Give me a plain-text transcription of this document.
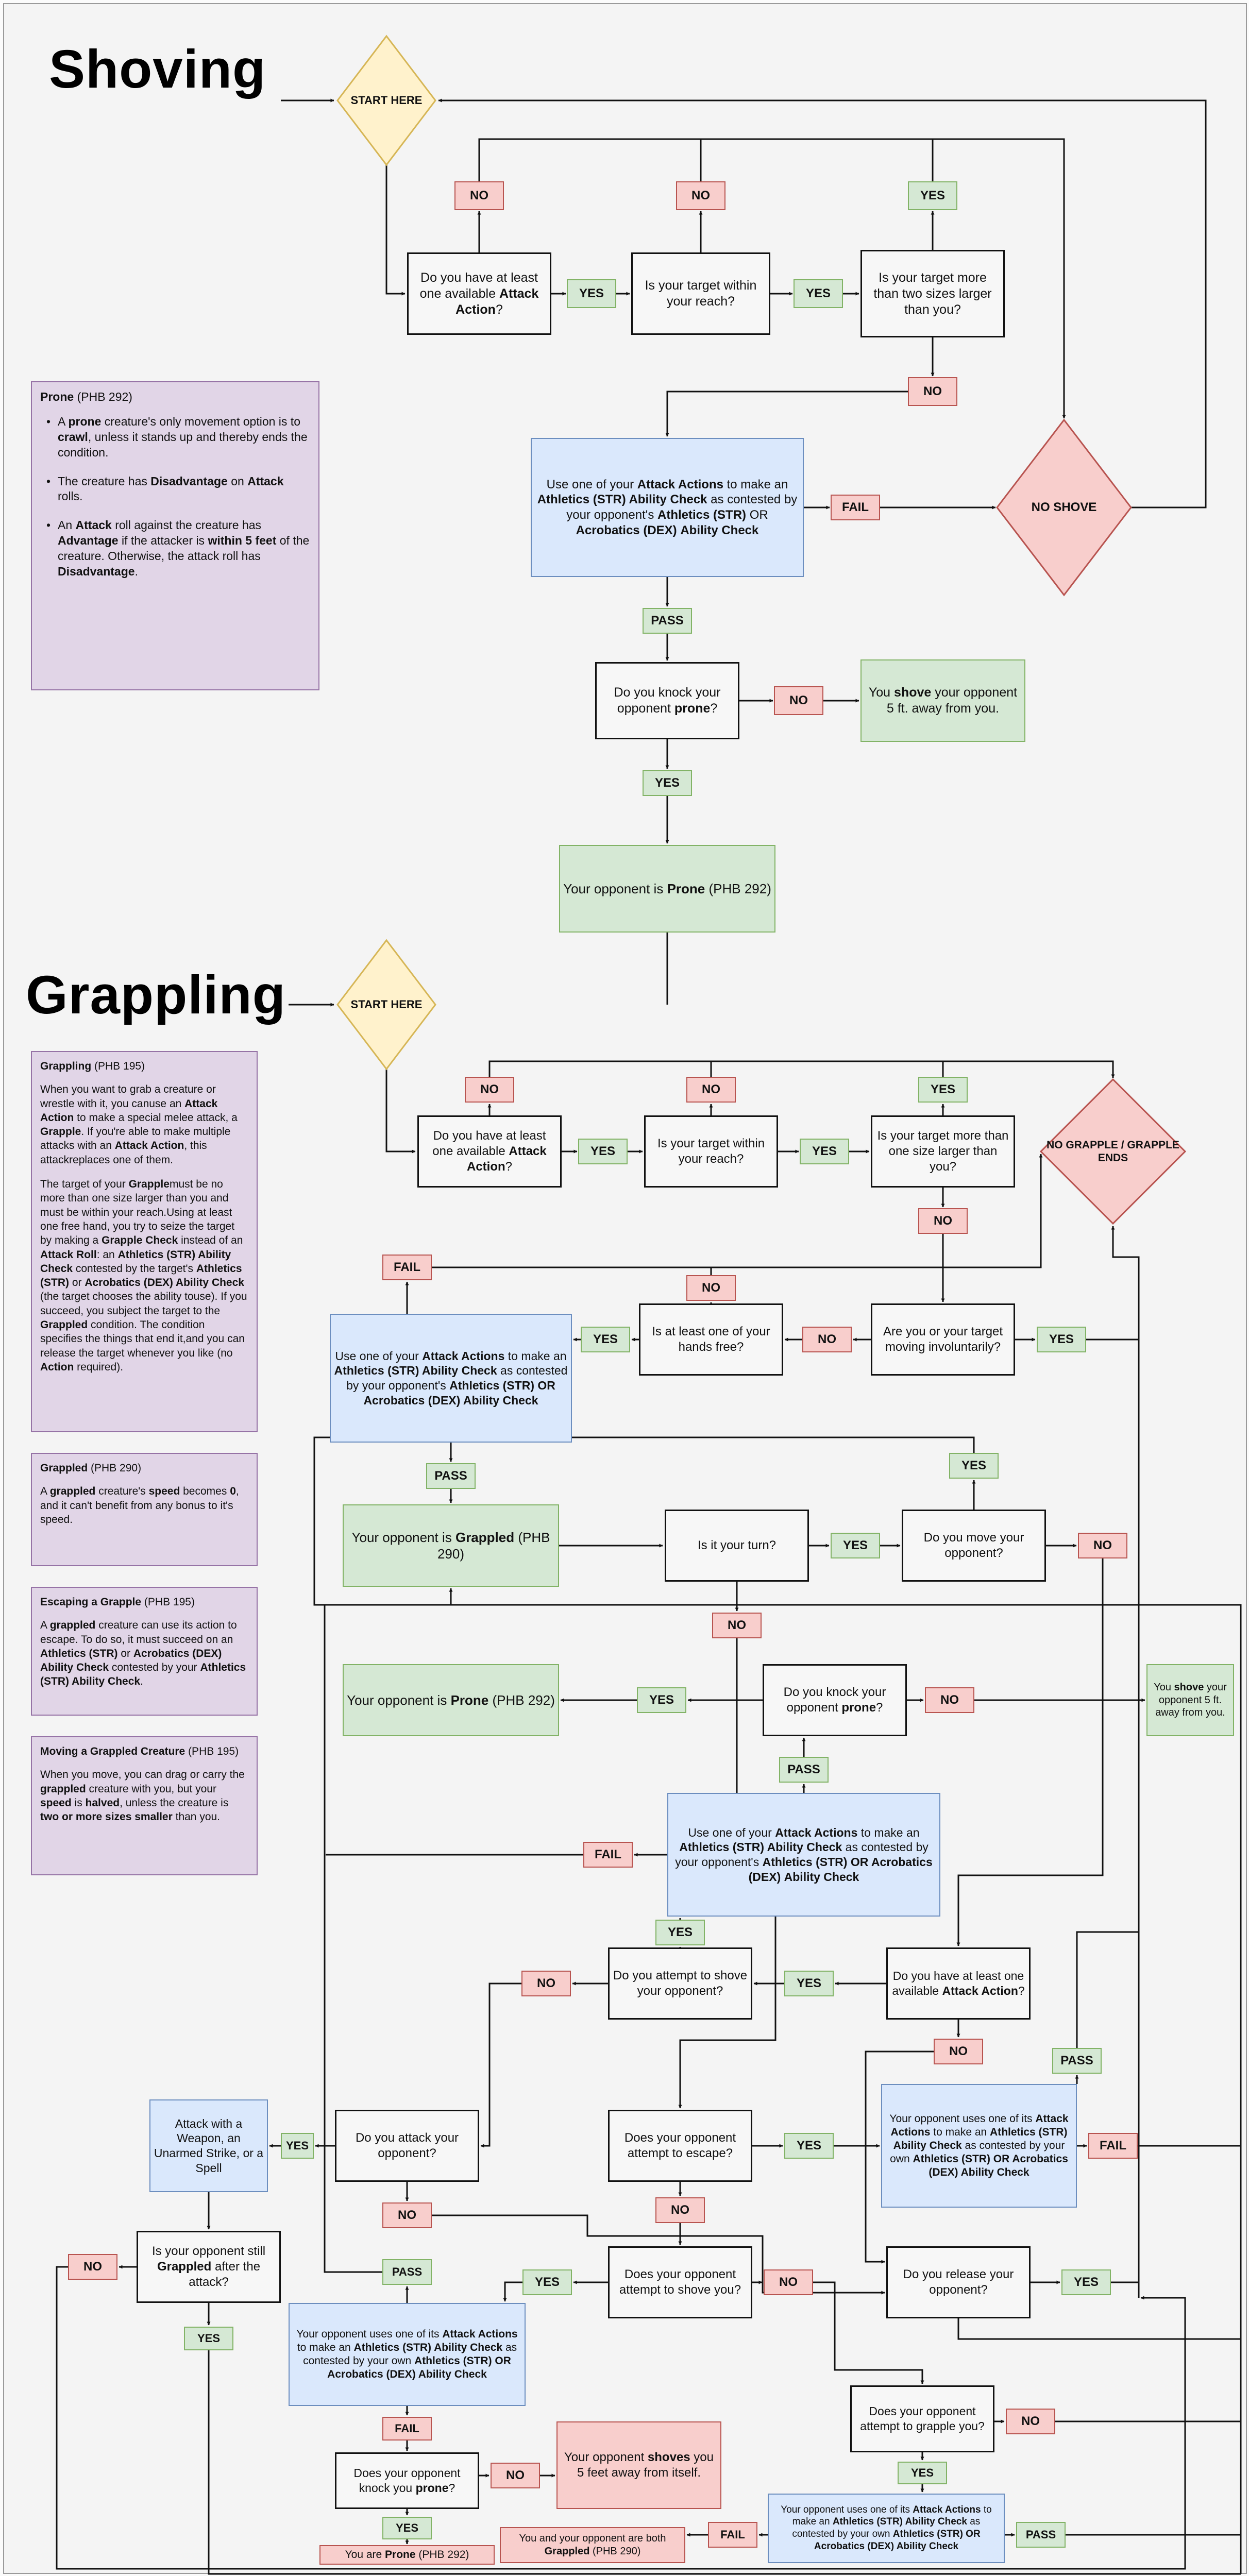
Shoving
Grappling
START HERE
Do you have at least one available Attack Action?
NO
YES
Is your target within your reach?
NO
YES
Is your target more than two sizes larger than you?
YES
NO
Use one of your Attack Actions to make an Athletics (STR) Ability Check as contested by your opponent's Athletics (STR) OR Acrobatics (DEX) Ability Check
FAIL	NO SHOVE
PASS
Do you knock your opponent prone?
NO
You shove your opponent 5 ft. away from you.
YES
Your opponent is Prone (PHB 292)
START HERE
Do you have at least one available Attack Action?
NO
YES
Is your target within your reach?
NO
YES
Is your target more than one size larger than you?
YES
NO
NO GRAPPLE / GRAPPLE ENDS
FAIL
NO
Use one of your Attack Actions to make an Athletics (STR) Ability Check as contested by your opponent's Athletics (STR) OR Acrobatics (DEX) Ability Check
YES
Is at least one of your hands free?
NO
Are you or your target moving involuntarily?
YES
PASS
Your opponent is Grappled (PHB 290)
Is it your turn?	YES
Do you move your opponent?
YES
NO
NO
Your opponent is Prone (PHB 292)	YES
Do you knock your opponent prone?
NO
You shove your opponent 5 ft. away from you.
PASS
Use one of your Attack Actions to make an Athletics (STR) Ability Check as contested by your opponent's Athletics (STR) OR Acrobatics (DEX) Ability Check
FAIL
YES
Do you attempt to shove your opponent?
YES
Do you have at least one available Attack Action?
NO
NO
PASS
Attack with a Weapon, an Unarmed Strike, or a Spell
YES
Do you attack your opponent?
Does your opponent attempt to escape?
YES
Your opponent uses one of its Attack Actions to make an Athletics (STR) Ability Check as contested by your own Athletics (STR) OR Acrobatics (DEX) Ability Check
FAIL
NO	NO
Is your opponent still Grappled after the attack?
NO
YES
Do you release your opponent?
YES
Does your opponent attempt to shove you?
YES	NO
Your opponent uses one of its Attack Actions to make an Athletics (STR) Ability Check as contested by your own Athletics (STR) OR Acrobatics (DEX) Ability Check
PASS
FAIL
Does your opponent knock you prone?
YES
NO
Your opponent shoves you 5 feet away from itself.
You are Prone (PHB 292)
Does your opponent attempt to grapple you?
YES
NO
Your opponent uses one of its Attack Actions to make an Athletics (STR) Ability Check as contested by your own Athletics (STR) OR Acrobatics (DEX) Ability Check
FAIL	PASS
You and your opponent are both Grappled (PHB 290)
Prone (PHB 292)
• A prone creature's only movement option is to crawl, unless it stands up and thereby ends the condition.
• The creature has Disadvantage on Attack rolls.
• An Attack roll against the creature has Advantage if the attacker is within 5 feet of the creature. Otherwise, the attack roll has Disadvantage.
Grappling (PHB 195)
When you want to grab a creature or wrestle with it, you canuse an Attack Action to make a special melee attack, a Grapple. If you're able to make multiple attacks with an Attack Action, this attackreplaces one of them.
The target of your Grapplemust be no more than one size larger than you and must be within your reach.Using at least one free hand, you try to seize the target by making a Grapple Check instead of an Attack Roll: an Athletics (STR) Ability Check contested by the target's Athletics (STR) or Acrobatics (DEX) Ability Check (the target chooses the ability touse). If you succeed, you subject the target to the Grappled condition. The condition specifies the things that end it,and you can release the target whenever you like (no Action required).
Grappled (PHB 290)
A grappled creature's speed becomes 0, and it can't benefit from any bonus to it's speed.
Escaping a Grapple (PHB 195)
A grappled creature can use its action to escape. To do so, it must succeed on an Athletics (STR) or Acrobatics (DEX) Ability Check contested by your Athletics (STR) Ability Check.
Moving a Grappled Creature (PHB 195)
When you move, you can drag or carry the grappled creature with you, but your speed is halved, unless the creature is two or more sizes smaller than you.
